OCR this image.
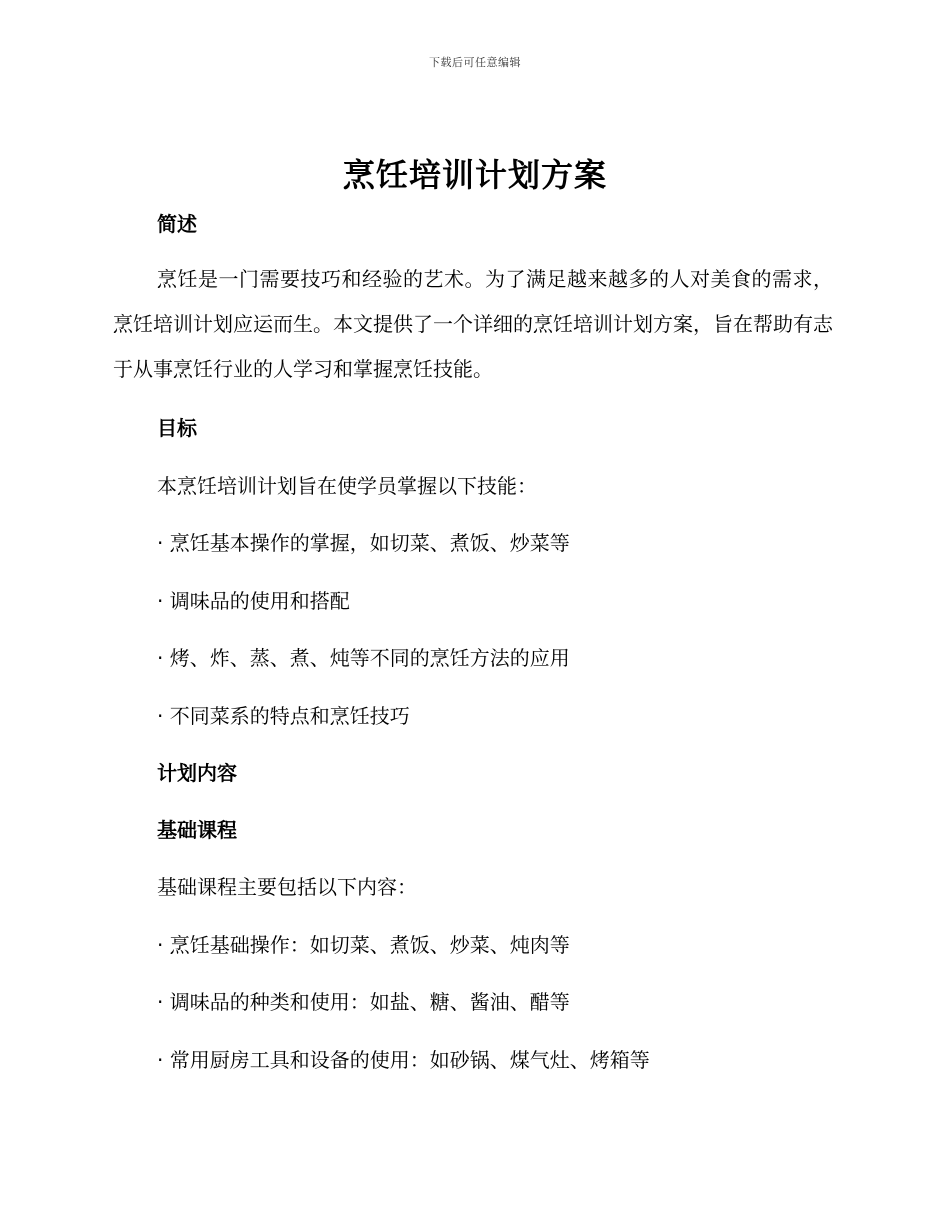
下载后可任意编辑
烹饪培训计划方案
简述
烹饪是一门需要技巧和经验的艺术。为了满足越来越多的人对美食的需求，烹饪培训计划应运而生。本文提供了一个详细的烹饪培训计划方案，旨在帮助有志于从事烹饪行业的人学习和掌握烹饪技能。
目标
本烹饪培训计划旨在使学员掌握以下技能：
· 烹饪基本操作的掌握，如切菜、煮饭、炒菜等
· 调味品的使用和搭配
· 烤、炸、蒸、煮、炖等不同的烹饪方法的应用
· 不同菜系的特点和烹饪技巧
计划内容
基础课程
基础课程主要包括以下内容：
· 烹饪基础操作：如切菜、煮饭、炒菜、炖肉等
· 调味品的种类和使用：如盐、糖、酱油、醋等
· 常用厨房工具和设备的使用：如砂锅、煤气灶、烤箱等
